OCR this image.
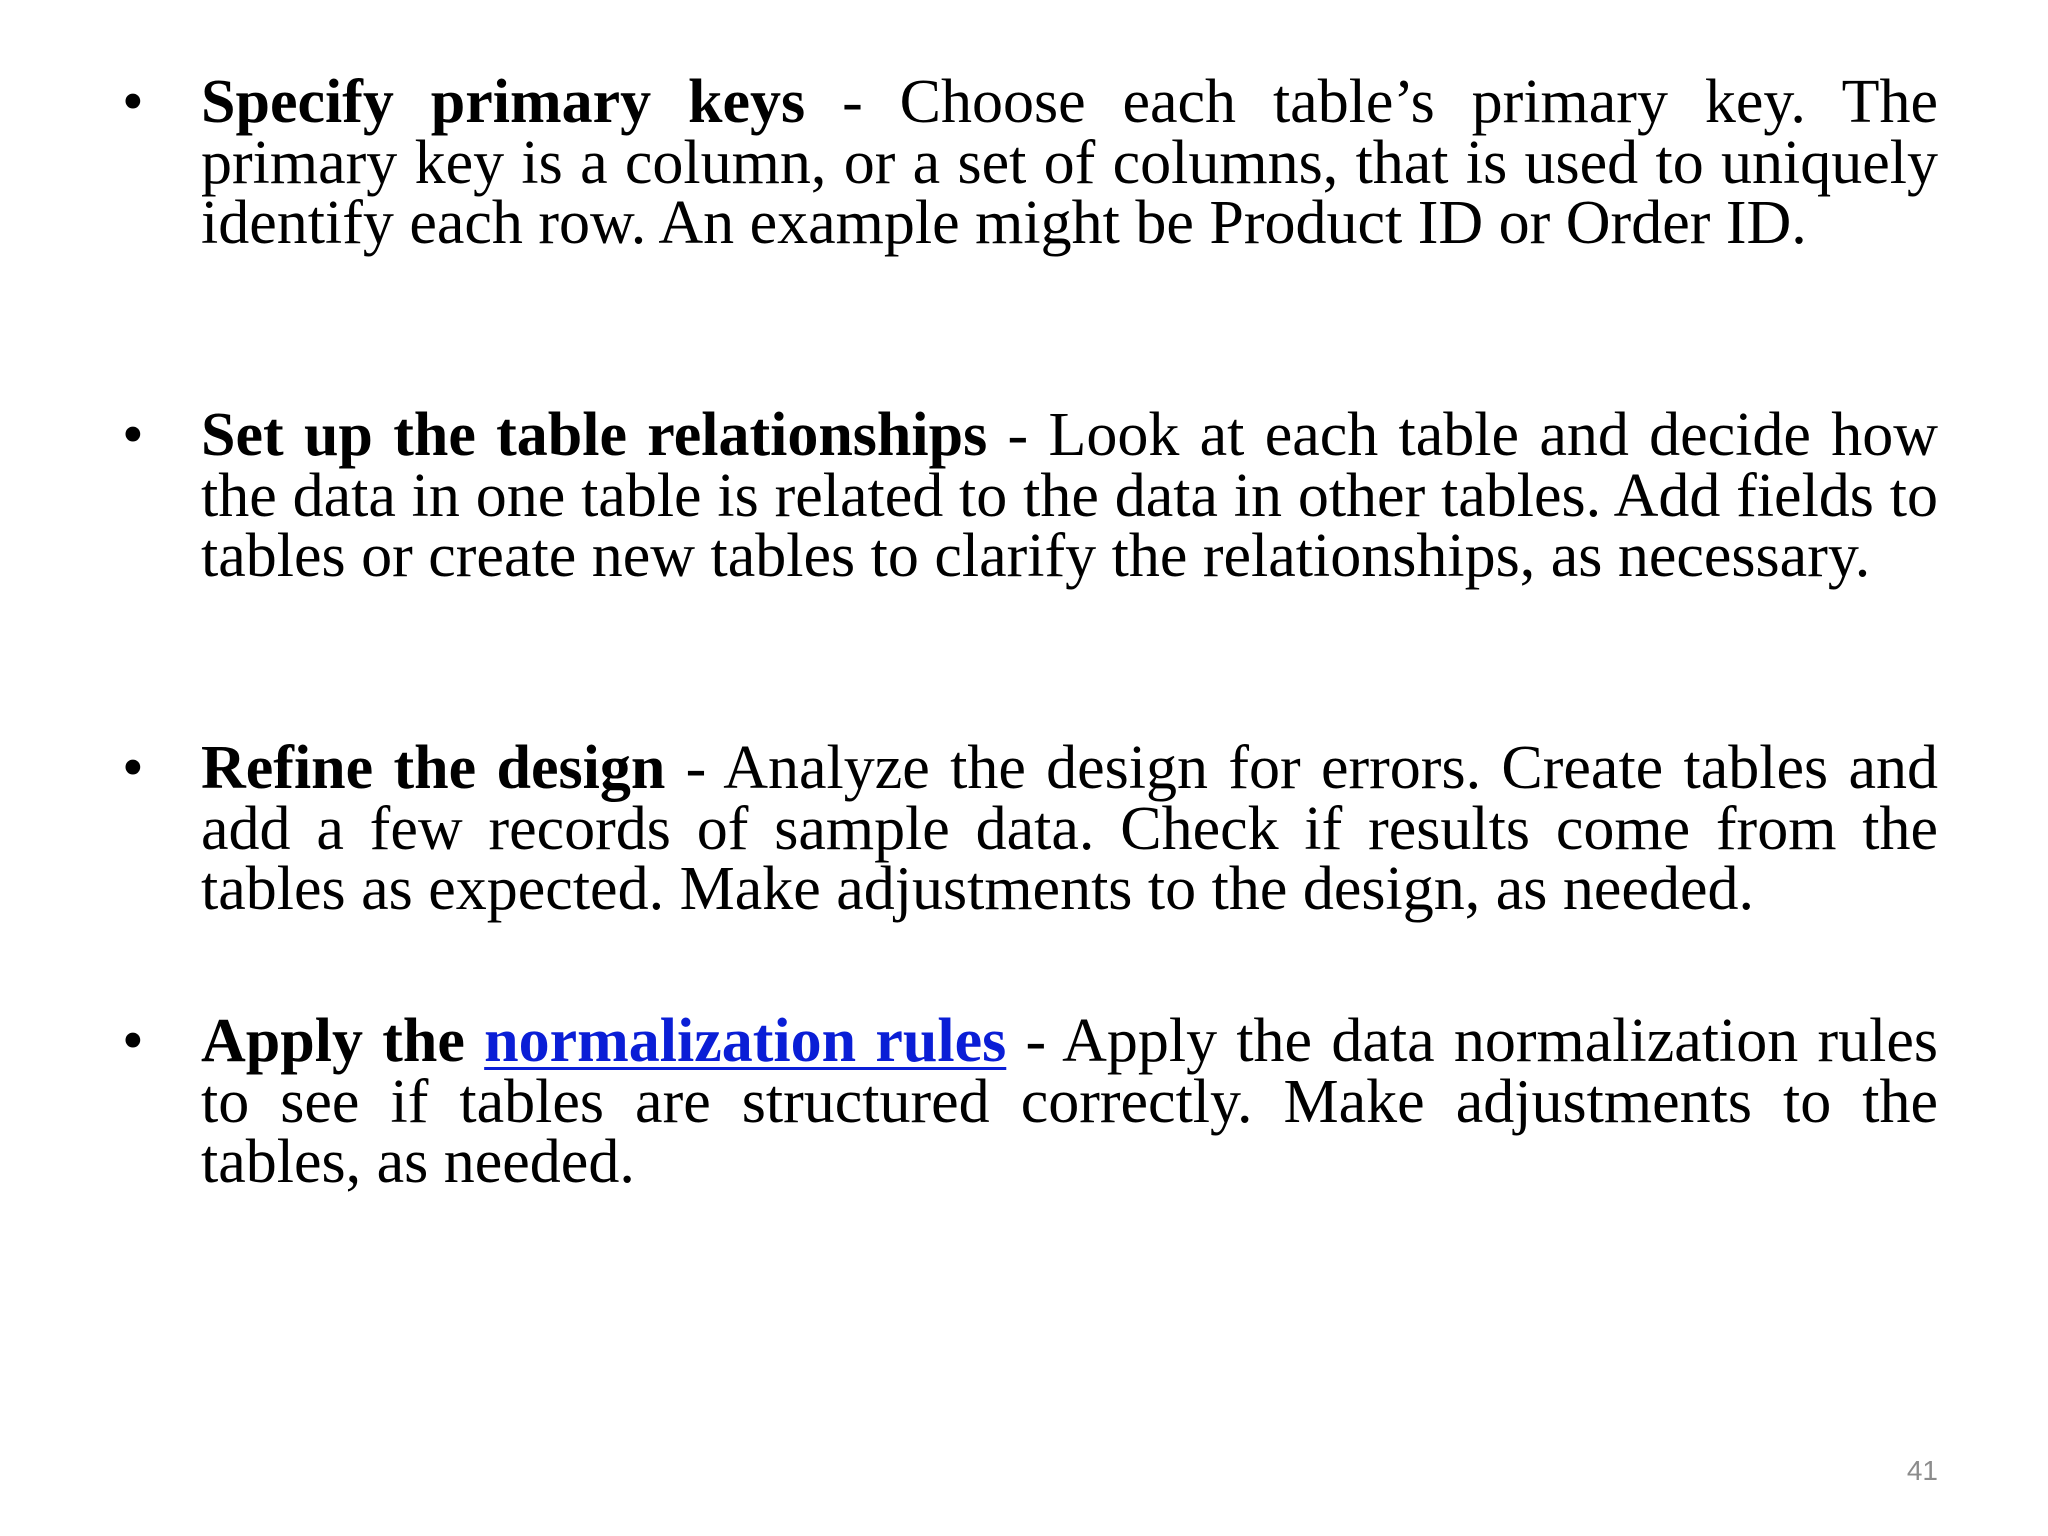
• Specify primary keys - Choose each table’s primary key. The primary key is a column, or a set of columns, that is used to uniquely identify each row. An example might be Product ID or Order ID.

• Set up the table relationships - Look at each table and decide how the data in one table is related to the data in other tables. Add fields to tables or create new tables to clarify the relationships, as necessary.

• Refine the design - Analyze the design for errors. Create tables and add a few records of sample data. Check if results come from the tables as expected. Make adjustments to the design, as needed.

• Apply the normalization rules - Apply the data normalization rules to see if tables are structured correctly. Make adjustments to the tables, as needed.

41
